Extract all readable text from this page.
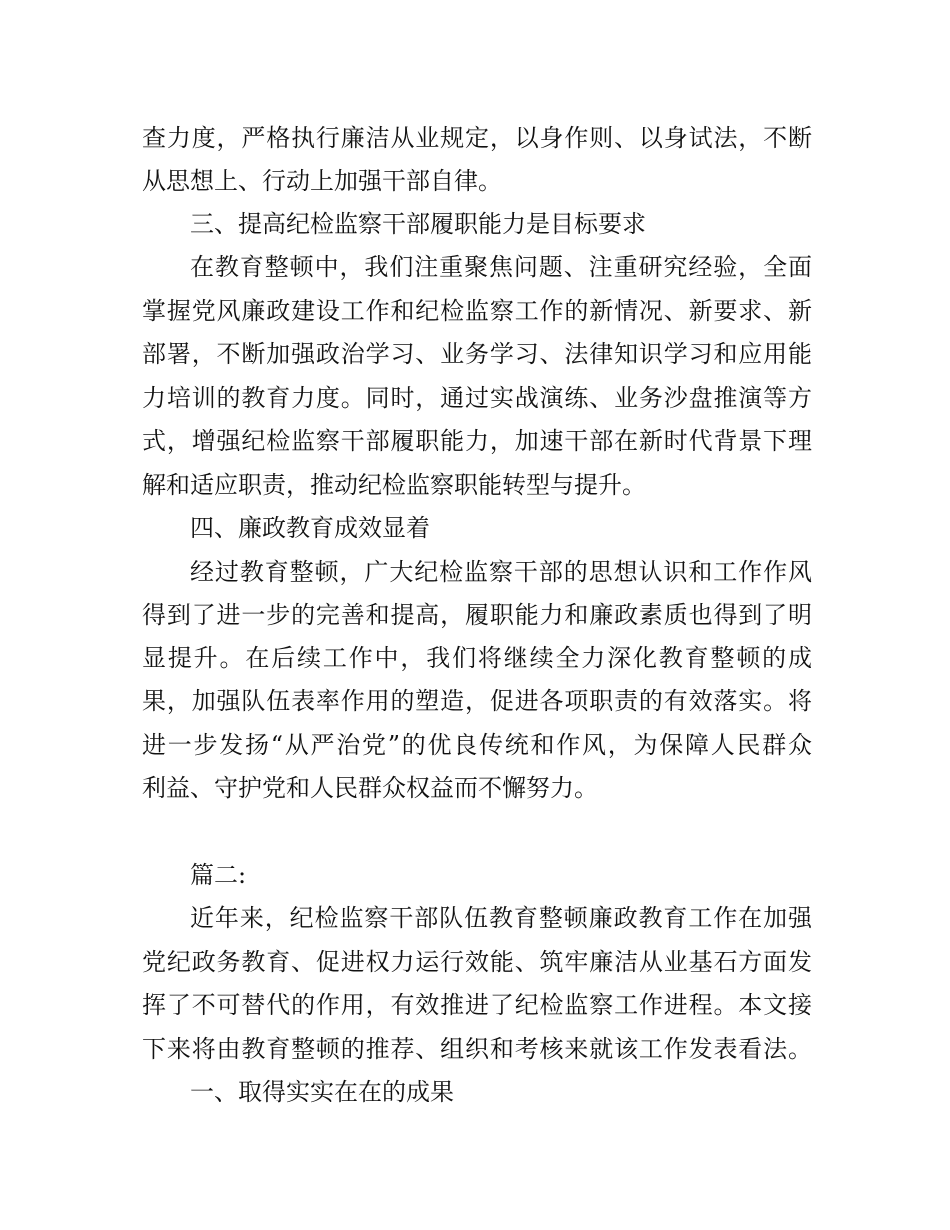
查力度，严格执行廉洁从业规定，以身作则、以身试法，不断
从思想上、行动上加强干部自律。
三、提高纪检监察干部履职能力是目标要求
在教育整顿中，我们注重聚焦问题、注重研究经验，全面
掌握党风廉政建设工作和纪检监察工作的新情况、新要求、新
部署，不断加强政治学习、业务学习、法律知识学习和应用能
力培训的教育力度。同时，通过实战演练、业务沙盘推演等方
式，增强纪检监察干部履职能力，加速干部在新时代背景下理
解和适应职责，推动纪检监察职能转型与提升。
四、廉政教育成效显着
经过教育整顿，广大纪检监察干部的思想认识和工作作风
得到了进一步的完善和提高，履职能力和廉政素质也得到了明
显提升。在后续工作中，我们将继续全力深化教育整顿的成
果，加强队伍表率作用的塑造，促进各项职责的有效落实。将
进一步发扬“从严治党”的优良传统和作风，为保障人民群众
利益、守护党和人民群众权益而不懈努力。
篇二:
近年来，纪检监察干部队伍教育整顿廉政教育工作在加强
党纪政务教育、促进权力运行效能、筑牢廉洁从业基石方面发
挥了不可替代的作用，有效推进了纪检监察工作进程。本文接
下来将由教育整顿的推荐、组织和考核来就该工作发表看法。
一、取得实实在在的成果
